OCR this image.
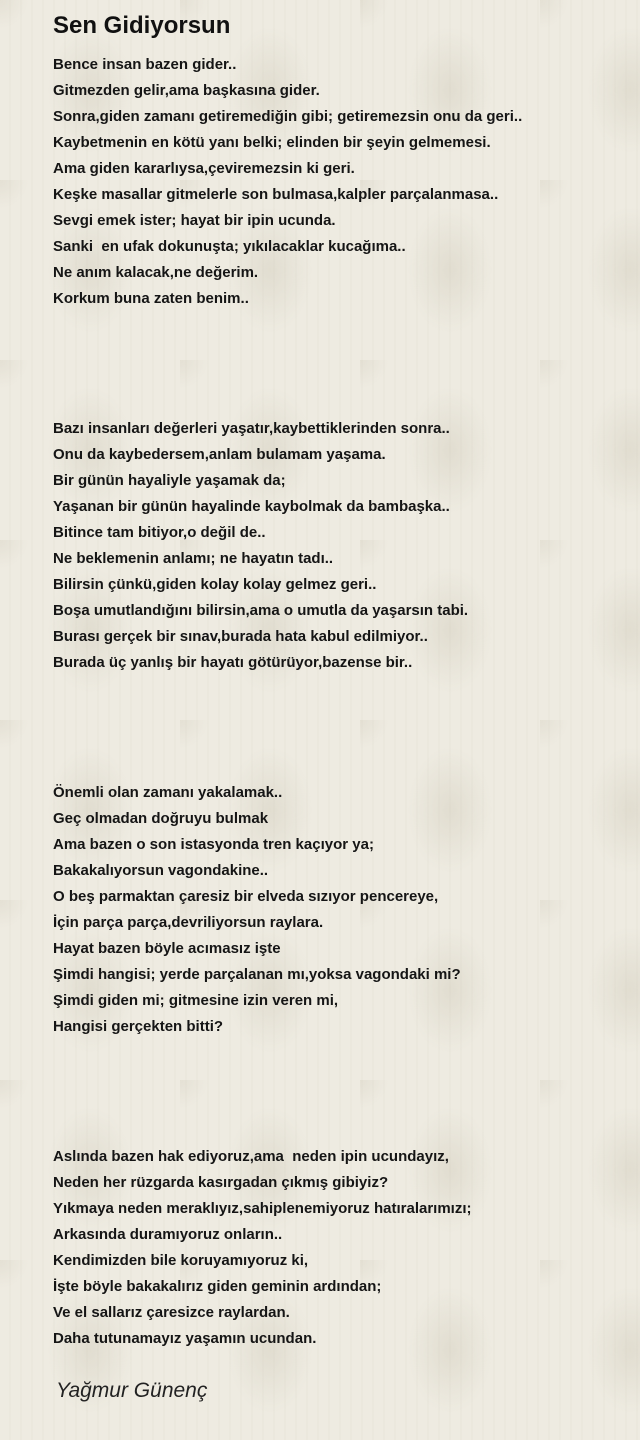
Sen Gidiyorsun
Bence insan bazen gider..
Gitmezden gelir,ama başkasına gider.
Sonra,giden zamanı getiremediğin gibi; getiremezsin onu da geri..
Kaybetmenin en kötü yanı belki; elinden bir şeyin gelmemesi.
Ama giden kararlıysa,çeviremezsin ki geri.
Keşke masallar gitmelerle son bulmasa,kalpler parçalanmasa..
Sevgi emek ister; hayat bir ipin ucunda.
Sanki  en ufak dokunuşta; yıkılacaklar kucağıma..
Ne anım kalacak,ne değerim.
Korkum buna zaten benim..
Bazı insanları değerleri yaşatır,kaybettiklerinden sonra..
Onu da kaybedersem,anlam bulamam yaşama.
Bir günün hayaliyle yaşamak da;
Yaşanan bir günün hayalinde kaybolmak da bambaşka..
Bitince tam bitiyor,o değil de..
Ne beklemenin anlamı; ne hayatın tadı..
Bilirsin çünkü,giden kolay kolay gelmez geri..
Boşa umutlandığını bilirsin,ama o umutla da yaşarsın tabi.
Burası gerçek bir sınav,burada hata kabul edilmiyor..
Burada üç yanlış bir hayatı götürüyor,bazense bir..
Önemli olan zamanı yakalamak..
Geç olmadan doğruyu bulmak
Ama bazen o son istasyonda tren kaçıyor ya;
Bakakalıyorsun vagondakine..
O beş parmaktan çaresiz bir elveda sızıyor pencereye,
İçin parça parça,devriliyorsun raylara.
Hayat bazen böyle acımasız işte
Şimdi hangisi; yerde parçalanan mı,yoksa vagondaki mi?
Şimdi giden mi; gitmesine izin veren mi,
Hangisi gerçekten bitti?
Aslında bazen hak ediyoruz,ama  neden ipin ucundayız,
Neden her rüzgarda kasırgadan çıkmış gibiyiz?
Yıkmaya neden meraklıyız,sahiplenemiyoruz hatıralarımızı;
Arkasında duramıyoruz onların..
Kendimizden bile koruyamıyoruz ki,
İşte böyle bakakalırız giden geminin ardından;
Ve el sallarız çaresizce raylardan.
Daha tutunamayız yaşamın ucundan.
Yağmur Günenç
